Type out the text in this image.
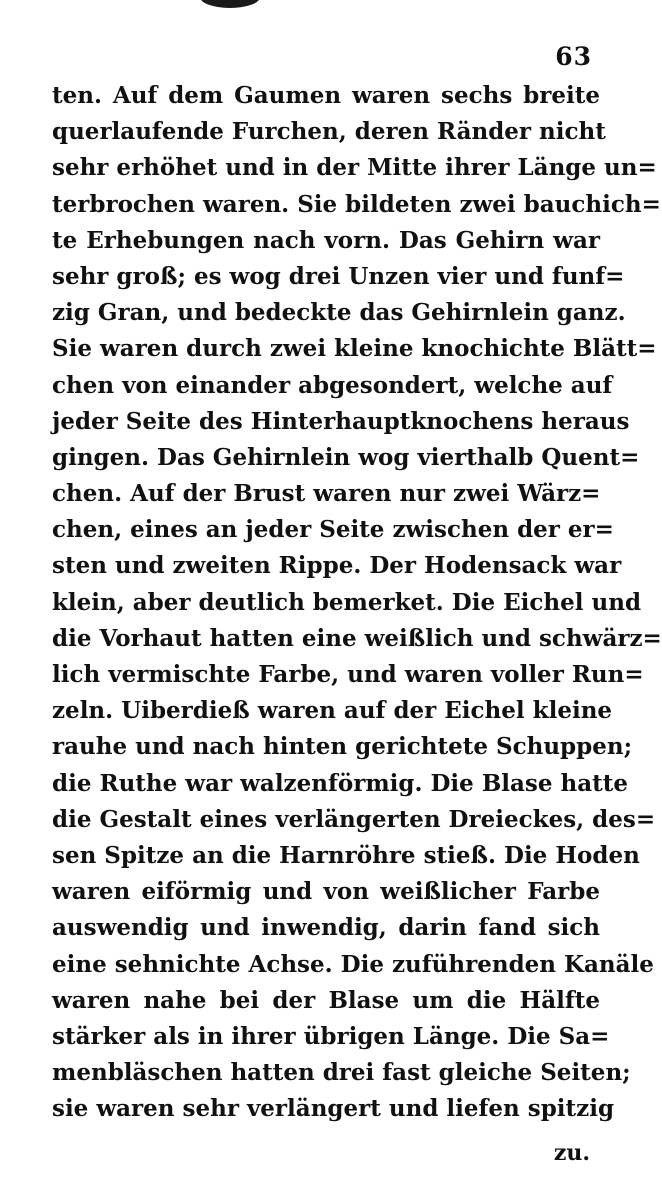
63
ten. Auf dem Gaumen waren sechs breite
querlaufende Furchen, deren Ränder nicht
sehr erhöhet und in der Mitte ihrer Länge un=
terbrochen waren. Sie bildeten zwei bauchich=
te Erhebungen nach vorn. Das Gehirn war
sehr groß; es wog drei Unzen vier und funf=
zig Gran, und bedeckte das Gehirnlein ganz.
Sie waren durch zwei kleine knochichte Blätt=
chen von einander abgesondert, welche auf
jeder Seite des Hinterhauptknochens heraus
gingen. Das Gehirnlein wog vierthalb Quent=
chen. Auf der Brust waren nur zwei Wärz=
chen, eines an jeder Seite zwischen der er=
sten und zweiten Rippe. Der Hodensack war
klein, aber deutlich bemerket. Die Eichel und
die Vorhaut hatten eine weißlich und schwärz=
lich vermischte Farbe, und waren voller Run=
zeln. Uiberdieß waren auf der Eichel kleine
rauhe und nach hinten gerichtete Schuppen;
die Ruthe war walzenförmig. Die Blase hatte
die Gestalt eines verlängerten Dreieckes, des=
sen Spitze an die Harnröhre stieß. Die Hoden
waren eiförmig und von weißlicher Farbe
auswendig und inwendig, darin fand sich
eine sehnichte Achse. Die zuführenden Kanäle
waren nahe bei der Blase um die Hälfte
stärker als in ihrer übrigen Länge. Die Sa=
menbläschen hatten drei fast gleiche Seiten;
sie waren sehr verlängert und liefen spitzig
zu.
